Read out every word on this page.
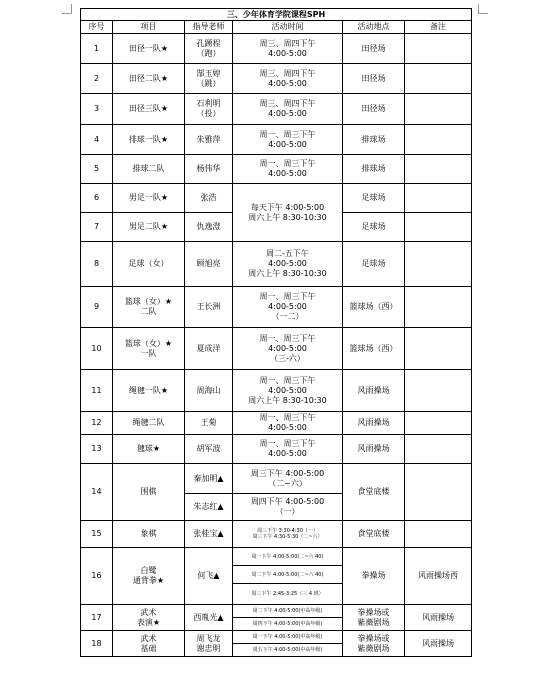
三、少年体育学院课程SPH					
序号	项目	指导老师	活动时间	活动地点	备注
1	田径一队★	孔踴程
（跑）	周三、周四下午
4:00-5:00	田径场	
2	田径二队★	郜玉婷
（跳）	周三、周四下午
4:00-5:00	田径场	
3	田径三队★	石利明
（投）	周三、周四下午
4:00-5:00	田径场	
4	排球一队★	朱雅萍	周一、周三下午
4:00-5:00	排球场	
5	排球二队	杨伟华	周一、周三下午
4:00-5:00	排球场	
6	男足一队★	张浩	每天下午 4:00-5:00
周六上午 8:30-10:30	足球场	
7	男足二队★	仇逸澄		足球场	
8	足球（女）	顾旭亮	周二-五下午
4:00-5:00
周六上午 8:30-10:30	足球场	
9	篮球（女）★
二队	王长洲	周一、周三下午
4:00-5:00
（一二）	篮球场（西）	
10	篮球（女）★
一队	夏成洋	周一、周三下午
4:00-5:00
（三-六）	篮球场（西）	
11	绳毽一队★	周海山	周一、周三下午
4:00-5:00
周六上午 8:30-10:30	风雨操场	
12	绳毽二队	王菊	周一、周三下午
4:00-5:00	风雨操场	
13	毽球★	胡军波	周一、周三下午
4:00-5:00	风雨操场	
14	围棋	秦加明▲	周三下午 4:00-5:00
（二~六）	食堂底楼	
		朱志红▲	周四下午 4:00-5:00
（一）		
15	象棋	张桂宝▲	周三下午 3:30-4:30（一）
周三下午 4:30-5:30（二~六）	食堂底楼	
16	白鹭
通背拳★	何飞▲	周一下午 4:00-5:00(二~六 40)	拳操场	风雨操场西
			周二下午 4:00-5:00(二~六 40)		
			周三下午 2:45-3:25（三 4 班）		
17	武术
表演★	西胤光▲	周二下午 4:00-5:00(中高年级)	拳操场或
紫薇剧场	风雨操场
			周四下午 4:00-5:00(中高年级)		
18	武术
基础	周飞龙
谢忠明	周一下午 4:00-5:00(中高年级)	拳操场或
紫薇剧场	风雨操场
			周五下午 4:00-5:00(中高年级)		
